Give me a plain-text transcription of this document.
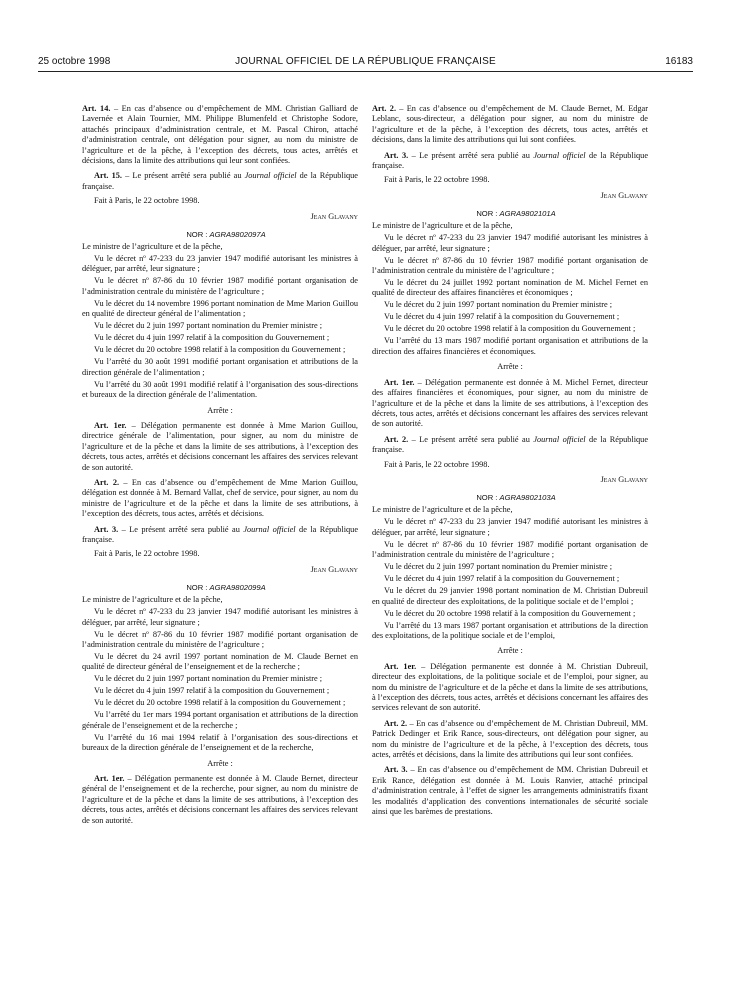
25 octobre 1998	JOURNAL OFFICIEL DE LA RÉPUBLIQUE FRANÇAISE	16183

Art. 14. – En cas d’absence ou d’empêchement de MM. Christian Galliard de Lavernée et Alain Tournier, MM. Philippe Blumenfeld et Christophe Sodore, attachés principaux d’administration centrale, et M. Pascal Chiron, attaché d’administration centrale, ont délégation pour signer, au nom du ministre de l’agriculture et de la pêche, à l’exception des décrets, tous actes, arrêtés et décisions, dans la limite des attributions qui leur sont confiées.

Art. 15. – Le présent arrêté sera publié au Journal officiel de la République française.

Fait à Paris, le 22 octobre 1998.

Jean Glavany

NOR : AGRA9802097A

Le ministre de l’agriculture et de la pêche,

Vu le décret nº 47-233 du 23 janvier 1947 modifié autorisant les ministres à déléguer, par arrêté, leur signature ;

Vu le décret nº 87-86 du 10 février 1987 modifié portant organisation de l’administration centrale du ministère de l’agriculture ;

Vu le décret du 14 novembre 1996 portant nomination de Mme Marion Guillou en qualité de directeur général de l’alimentation ;

Vu le décret du 2 juin 1997 portant nomination du Premier ministre ;

Vu le décret du 4 juin 1997 relatif à la composition du Gouvernement ;

Vu le décret du 20 octobre 1998 relatif à la composition du Gouvernement ;

Vu l’arrêté du 30 août 1991 modifié portant organisation et attributions de la direction générale de l’alimentation ;

Vu l’arrêté du 30 août 1991 modifié relatif à l’organisation des sous-directions et bureaux de la direction générale de l’alimentation.

Arrête :

Art. 1er. – Délégation permanente est donnée à Mme Marion Guillou, directrice générale de l’alimentation, pour signer, au nom du ministre de l’agriculture et de la pêche et dans la limite de ses attributions, à l’exception des décrets, tous actes, arrêtés et décisions concernant les affaires des services relevant de son autorité.

Art. 2. – En cas d’absence ou d’empêchement de Mme Marion Guillou, délégation est donnée à M. Bernard Vallat, chef de service, pour signer, au nom du ministre de l’agriculture et de la pêche et dans la limite de ses attributions, à l’exception des décrets, tous actes, arrêtés et décisions.

Art. 3. – Le présent arrêté sera publié au Journal officiel de la République française.

Fait à Paris, le 22 octobre 1998.

Jean Glavany

NOR : AGRA9802099A

Le ministre de l’agriculture et de la pêche,

Vu le décret nº 47-233 du 23 janvier 1947 modifié autorisant les ministres à déléguer, par arrêté, leur signature ;

Vu le décret nº 87-86 du 10 février 1987 modifié portant organisation de l’administration centrale du ministère de l’agriculture ;

Vu le décret du 24 avril 1997 portant nomination de M. Claude Bernet en qualité de directeur général de l’enseignement et de la recherche ;

Vu le décret du 2 juin 1997 portant nomination du Premier ministre ;

Vu le décret du 4 juin 1997 relatif à la composition du Gouvernement ;

Vu le décret du 20 octobre 1998 relatif à la composition du Gouvernement ;

Vu l’arrêté du 1er mars 1994 portant organisation et attributions de la direction générale de l’enseignement et de la recherche ;

Vu l’arrêté du 16 mai 1994 relatif à l’organisation des sous-directions et bureaux de la direction générale de l’enseignement et de la recherche,

Arrête :

Art. 1er. – Délégation permanente est donnée à M. Claude Bernet, directeur général de l’enseignement et de la recherche, pour signer, au nom du ministre de l’agriculture et de la pêche et dans la limite de ses attributions, à l’exception des décrets, tous actes, arrêtés et décisions concernant les affaires des services relevant de son autorité.

Art. 2. – En cas d’absence ou d’empêchement de M. Claude Bernet, M. Edgar Leblanc, sous-directeur, a délégation pour signer, au nom du ministre de l’agriculture et de la pêche, à l’exception des décrets, tous actes, arrêtés et décisions, dans la limite des attributions qui lui sont confiées.

Art. 3. – Le présent arrêté sera publié au Journal officiel de la République française.

Fait à Paris, le 22 octobre 1998.

Jean Glavany

NOR : AGRA9802101A

Le ministre de l’agriculture et de la pêche,

Vu le décret nº 47-233 du 23 janvier 1947 modifié autorisant les ministres à déléguer, par arrêté, leur signature ;

Vu le décret nº 87-86 du 10 février 1987 modifié portant organisation de l’administration centrale du ministère de l’agriculture ;

Vu le décret du 24 juillet 1992 portant nomination de M. Michel Fernet en qualité de directeur des affaires financières et économiques ;

Vu le décret du 2 juin 1997 portant nomination du Premier ministre ;

Vu le décret du 4 juin 1997 relatif à la composition du Gouvernement ;

Vu le décret du 20 octobre 1998 relatif à la composition du Gouvernement ;

Vu l’arrêté du 13 mars 1987 modifié portant organisation et attributions de la direction des affaires financières et économiques.

Arrête :

Art. 1er. – Délégation permanente est donnée à M. Michel Fernet, directeur des affaires financières et économiques, pour signer, au nom du ministre de l’agriculture et de la pêche et dans la limite de ses attributions, à l’exception des décrets, tous actes, arrêtés et décisions concernant les affaires des services relevant de son autorité.

Art. 2. – Le présent arrêté sera publié au Journal officiel de la République française.

Fait à Paris, le 22 octobre 1998.

Jean Glavany

NOR : AGRA9802103A

Le ministre de l’agriculture et de la pêche,

Vu le décret nº 47-233 du 23 janvier 1947 modifié autorisant les ministres à déléguer, par arrêté, leur signature ;

Vu le décret nº 87-86 du 10 février 1987 modifié portant organisation de l’administration centrale du ministère de l’agriculture ;

Vu le décret du 2 juin 1997 portant nomination du Premier ministre ;

Vu le décret du 4 juin 1997 relatif à la composition du Gouvernement ;

Vu le décret du 29 janvier 1998 portant nomination de M. Christian Dubreuil en qualité de directeur des exploitations, de la politique sociale et de l’emploi ;

Vu le décret du 20 octobre 1998 relatif à la composition du Gouvernement ;

Vu l’arrêté du 13 mars 1987 portant organisation et attributions de la direction des exploitations, de la politique sociale et de l’emploi,

Arrête :

Art. 1er. – Délégation permanente est donnée à M. Christian Dubreuil, directeur des exploitations, de la politique sociale et de l’emploi, pour signer, au nom du ministre de l’agriculture et de la pêche et dans la limite de ses attributions, à l’exception des décrets, tous actes, arrêtés et décisions concernant les affaires des services relevant de son autorité.

Art. 2. – En cas d’absence ou d’empêchement de M. Christian Dubreuil, MM. Patrick Dedinger et Erik Rance, sous-directeurs, ont délégation pour signer, au nom du ministre de l’agriculture et de la pêche, à l’exception des décrets, tous actes, arrêtés et décisions, dans la limite des attributions qui leur sont confiées.

Art. 3. – En cas d’absence ou d’empêchement de MM. Christian Dubreuil et Erik Rance, délégation est donnée à M. Louis Ranvier, attaché principal d’administration centrale, à l’effet de signer les arrangements administratifs fixant les modalités d’application des conventions internationales de sécurité sociale ainsi que les barèmes de prestations.
